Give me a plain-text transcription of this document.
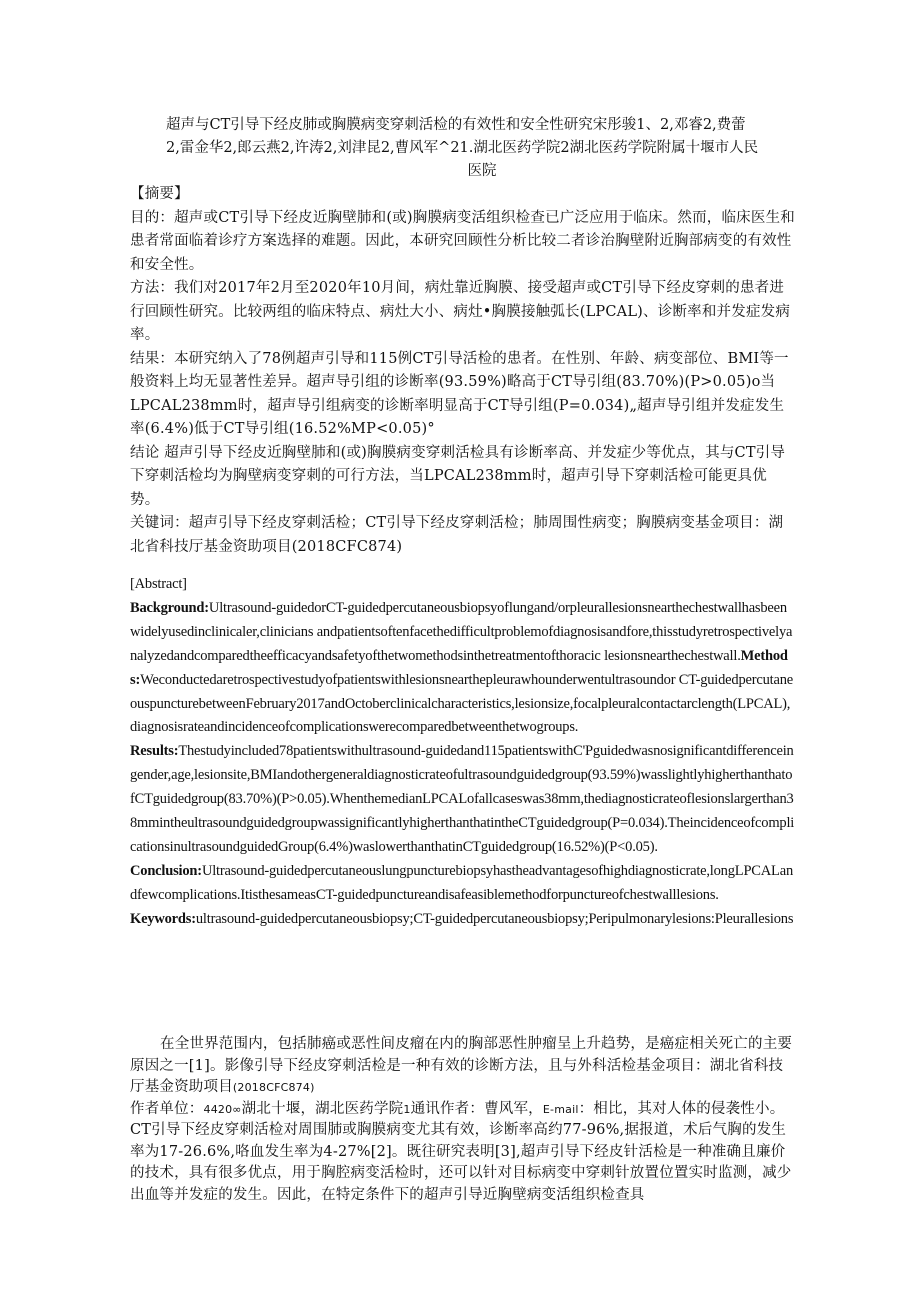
超声与CT引导下经皮肺或胸膜病变穿刺活检的有效性和安全性研究宋彤骏1、2,邓睿2,费蕾
2,雷金华2,郎云燕2,许涛2,刘津昆2,曹风军^21.湖北医药学院2湖北医药学院附属十堰市人民
医院
【摘要】
目的：超声或CT引导下经皮近胸壁肺和(或)胸膜病变活组织检查已广泛应用于临床。然而，临床医生和患者常面临着诊疗方案选择的难题。因此，本研究回顾性分析比较二者诊治胸壁附近胸部病变的有效性和安全性。
方法：我们对2017年2月至2020年10月间，病灶靠近胸膜、接受超声或CT引导下经皮穿刺的患者进行回顾性研究。比较两组的临床特点、病灶大小、病灶•胸膜接触弧长(LPCAL)、诊断率和并发症发病率。
结果：本研究纳入了78例超声引导和115例CT引导活检的患者。在性别、年龄、病变部位、BMI等一般资料上均无显著性差异。超声导引组的诊断率(93.59%)略高于CT导引组(83.70%)(P>0.05)o当LPCAL238mm时，超声导引组病变的诊断率明显高于CT导引组(P=0.034)„超声导引组并发症发生率(6.4%)低于CT导引组(16.52%MP<0.05)°
结论 超声引导下经皮近胸壁肺和(或)胸膜病变穿刺活检具有诊断率高、并发症少等优点，其与CT引导下穿刺活检均为胸壁病变穿刺的可行方法，当LPCAL238mm时，超声引导下穿刺活检可能更具优势。
关键词：超声引导下经皮穿刺活检；CT引导下经皮穿刺活检；肺周围性病变；胸膜病变基金项目：湖北省科技厅基金资助项目(2018CFC874)
[Abstract]
Background:Ultrasound-guidedorCT-guidedpercutaneousbiopsyoflungand/orpleurallesionsnearthechestwallhasbeenwidelyusedinclinicaler,clinicians andpatientsoftenfacethedifficultproblemofdiagnosisandfore,thisstudyretrospectivelyanalyzedandcomparedtheefficacyandsafetyofthetwomethodsinthetreatmentofthoracic lesionsnearthechestwall.Methods:Weconductedaretrospectivestudyofpatientswithlesionsnearthepleurawhounderwentultrasoundor CT-guidedpercutaneouspuncturebetweenFebruary2017andOctoberclinicalcharacteristics,lesionsize,focalpleuralcontactarclength(LPCAL),diagnosisrateandincidenceofcomplicationswerecomparedbetweenthetwogroups.
Results:Thestudyincluded78patientswithultrasound-guidedand115patientswithC'Pguidedwasnosignificantdifferenceingender,age,lesionsite,BMIandothergeneraldiagnosticrateofultrasoundguidedgroup(93.59%)wasslightlyhigherthanthatofCTguidedgroup(83.70%)(P>0.05).WhenthemedianLPCALofallcaseswas38mm,thediagnosticrateoflesionslargerthan38mmintheultrasoundguidedgroupwassignificantlyhigherthanthatintheCTguidedgroup(P=0.034).TheincidenceofcomplicationsinultrasoundguidedGroup(6.4%)waslowerthanthatinCTguidedgroup(16.52%)(P<0.05).
Conclusion:Ultrasound-guidedpercutaneouslungpuncturebiopsyhastheadvantagesofhighdiagnosticrate,longLPCALandfewcomplications.ItisthesameasCT-guidedpunctureandisafeasiblemethodforpunctureofchestwalllesions.
Keywords:ultrasound-guidedpercutaneousbiopsy;CT-guidedpercutaneousbiopsy;Peripulmonarylesions:Pleurallesions
在全世界范围内，包括肺癌或恶性间皮瘤在内的胸部恶性肿瘤呈上升趋势，是癌症相关死亡的主要原因之一[1]。影像引导下经皮穿刺活检是一种有效的诊断方法，且与外科活检基金项目：湖北省科技厅基金资助项目(2018CFC874)
作者单位：4420∞湖北十堰，湖北医药学院1通讯作者：曹风军，E-mail：相比，其对人体的侵袭性小。CT引导下经皮穿刺活检对周围肺或胸膜病变尤其有效，诊断率高约77-96%,据报道，术后气胸的发生率为17-26.6%,咯血发生率为4-27%[2]。既往研究表明[3],超声引导下经皮针活检是一种准确且廉价的技术，具有很多优点，用于胸腔病变活检时，还可以针对目标病变中穿刺针放置位置实时监测，减少出血等并发症的发生。因此，在特定条件下的超声引导近胸壁病变活组织检查具
